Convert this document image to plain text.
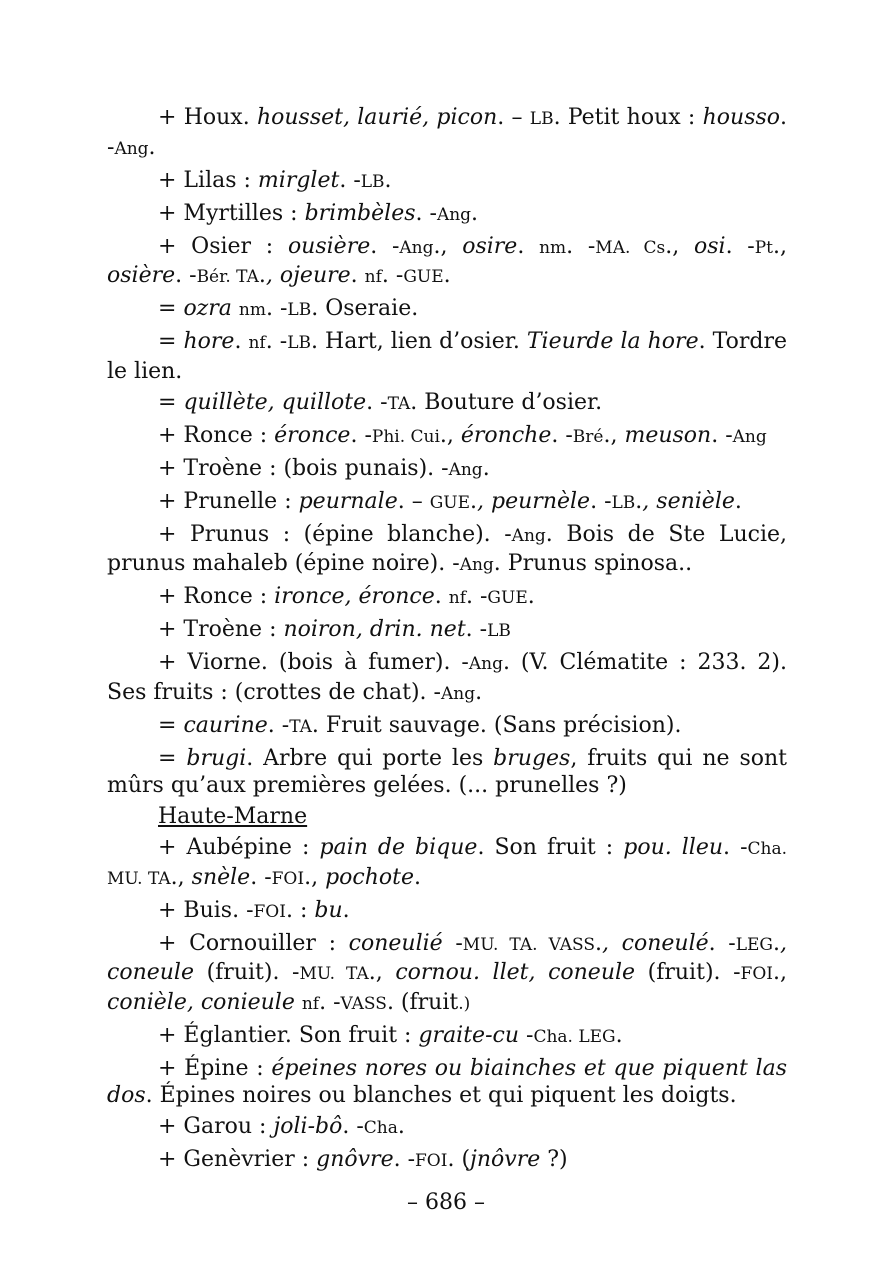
+ Houx. housset, laurié, picon. – LB. Petit houx : housso. -Ang.

+ Lilas : mirglet. -LB.

+ Myrtilles : brimbèles. -Ang.

+ Osier : ousière. -Ang., osire. nm. -MA. Cs., osi. -Pt., osière. -Bér. TA., ojeure. nf. -GUE.

= ozra nm. -LB. Oseraie.

= hore. nf. -LB. Hart, lien d’osier. Tieurde la hore. Tordre le lien.

= quillète, quillote. -TA. Bouture d’osier.

+ Ronce : éronce. -Phi. Cui., éronche. -Bré., meuson. -Ang

+ Troène : (bois punais). -Ang.

+ Prunelle : peurnale. – GUE., peurnèle. -LB., senièle.

+ Prunus : (épine blanche). -Ang. Bois de Ste Lucie, prunus mahaleb (épine noire). -Ang. Prunus spinosa..

+ Ronce : ironce, éronce. nf. -GUE.

+ Troène : noiron, drin. net. -LB

+ Viorne. (bois à fumer). -Ang. (V. Clématite : 233. 2). Ses fruits : (crottes de chat). -Ang.

= caurine. -TA. Fruit sauvage. (Sans précision).

= brugi. Arbre qui porte les bruges, fruits qui ne sont mûrs qu’aux premières gelées. (... prunelles ?)

Haute-Marne

+ Aubépine : pain de bique. Son fruit : pou. lleu. -Cha. MU. TA., snèle. -FOI., pochote.

+ Buis. -FOI. : bu.

+ Cornouiller : coneulié -MU. TA. VASS., coneulé. -LEG., coneule (fruit). -MU. TA., cornou. llet, coneule (fruit). -FOI., conièle, conieule nf. -VASS. (fruit.)

+ Églantier. Son fruit : graite-cu -Cha. LEG.

+ Épine : épeines nores ou biainches et que piquent las dos. Épines noires ou blanches et qui piquent les doigts.

+ Garou : joli-bô. -Cha.

+ Genèvrier : gnôvre. -FOI. (jnôvre ?)

– 686 –
